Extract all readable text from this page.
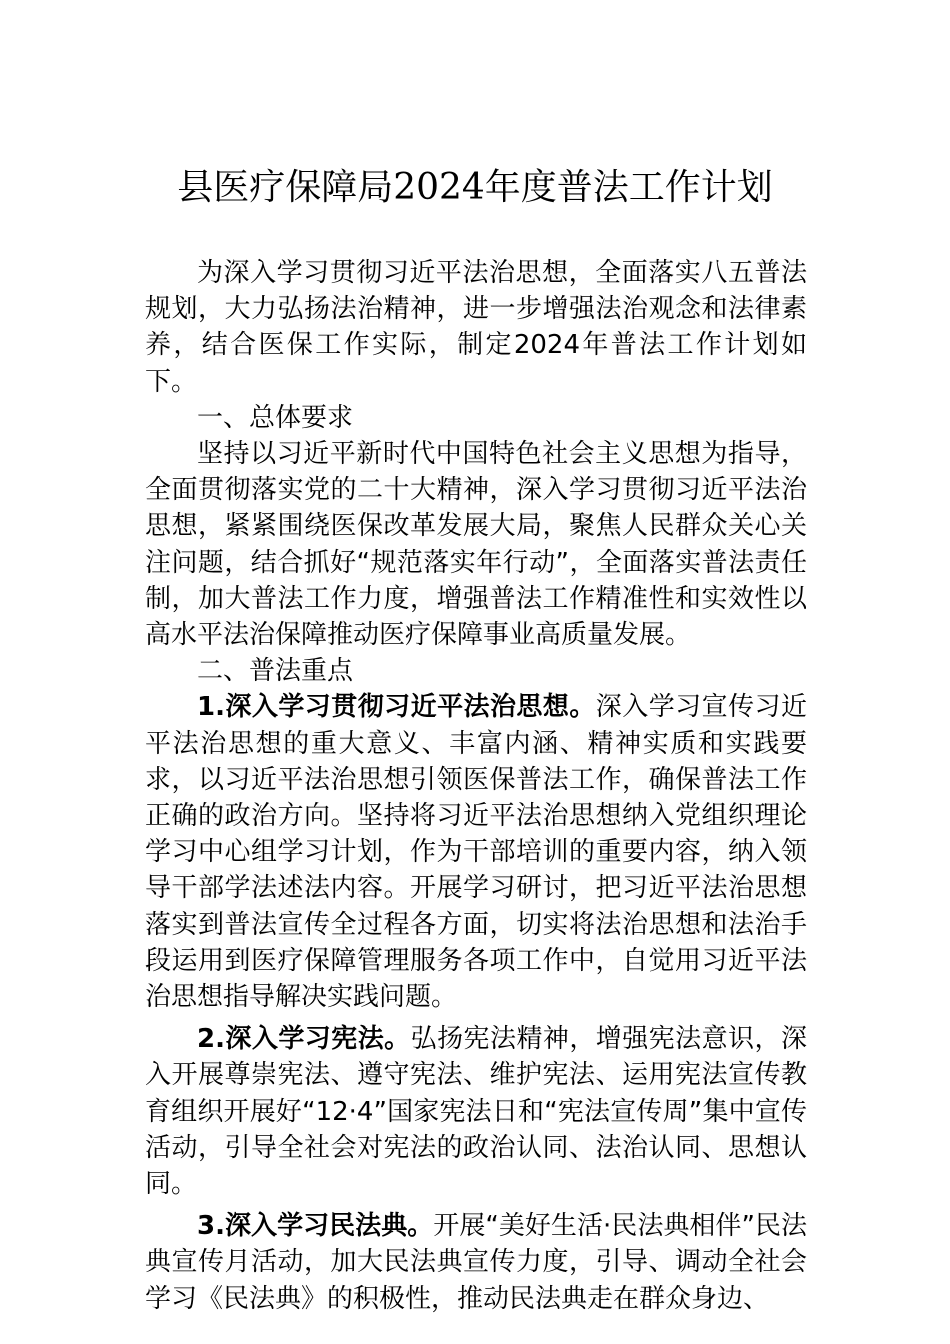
县医疗保障局2024年度普法工作计划

为深入学习贯彻习近平法治思想，全面落实八五普法规划，大力弘扬法治精神，进一步增强法治观念和法律素养，结合医保工作实际，制定2024年普法工作计划如下。

一、总体要求

坚持以习近平新时代中国特色社会主义思想为指导，全面贯彻落实党的二十大精神，深入学习贯彻习近平法治思想，紧紧围绕医保改革发展大局，聚焦人民群众关心关注问题，结合抓好“规范落实年行动”，全面落实普法责任制，加大普法工作力度，增强普法工作精准性和实效性以高水平法治保障推动医疗保障事业高质量发展。

二、普法重点

1.深入学习贯彻习近平法治思想。深入学习宣传习近平法治思想的重大意义、丰富内涵、精神实质和实践要求，以习近平法治思想引领医保普法工作，确保普法工作正确的政治方向。坚持将习近平法治思想纳入党组织理论学习中心组学习计划，作为干部培训的重要内容，纳入领导干部学法述法内容。开展学习研讨，把习近平法治思想落实到普法宣传全过程各方面，切实将法治思想和法治手段运用到医疗保障管理服务各项工作中，自觉用习近平法治思想指导解决实践问题。

2.深入学习宪法。弘扬宪法精神，增强宪法意识，深入开展尊崇宪法、遵守宪法、维护宪法、运用宪法宣传教育组织开展好“12·4”国家宪法日和“宪法宣传周”集中宣传活动，引导全社会对宪法的政治认同、法治认同、思想认同。

3.深入学习民法典。开展“美好生活·民法典相伴”民法典宣传月活动，加大民法典宣传力度，引导、调动全社会学习《民法典》的积极性，推动民法典走在群众身边、
